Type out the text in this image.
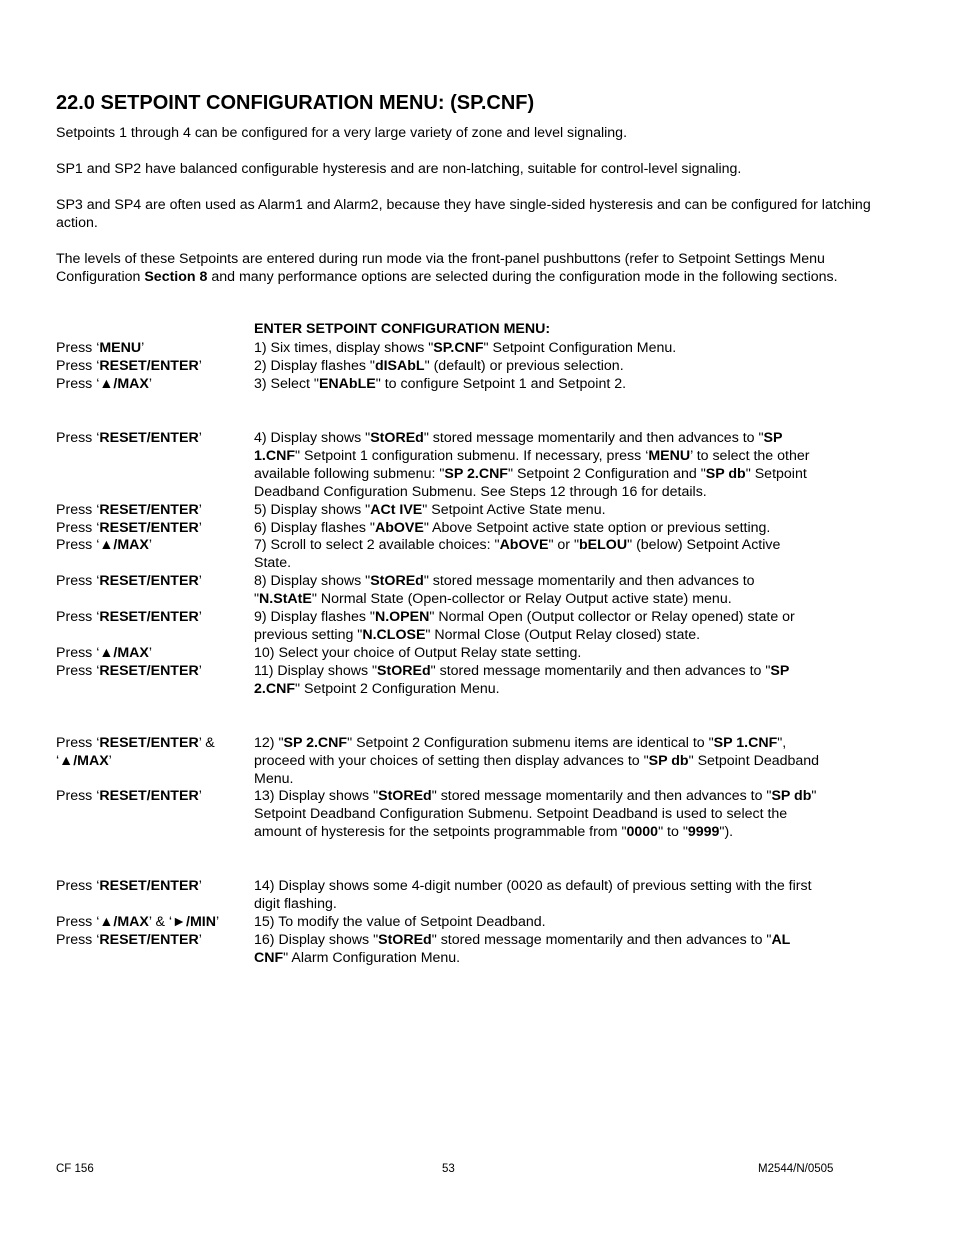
22.0 SETPOINT CONFIGURATION MENU: (SP.CNF)

Setpoints 1 through 4 can be configured for a very large variety of zone and level signaling.

SP1 and SP2 have balanced configurable hysteresis and are non-latching, suitable for control-level signaling.

SP3 and SP4 are often used as Alarm1 and Alarm2, because they have single-sided hysteresis and can be configured for latching action.

The levels of these Setpoints are entered during run mode via the front-panel pushbuttons (refer to Setpoint Settings Menu Configuration Section 8 and many performance options are selected during the configuration mode in the following sections.

ENTER SETPOINT CONFIGURATION MENU:

Press ‘MENU’

Press ‘RESET/ENTER’

Press ‘▲/MAX’

Press ‘RESET/ENTER’

Press ‘RESET/ENTER’

Press ‘RESET/ENTER’

Press ‘▲/MAX’

Press ‘RESET/ENTER’

Press ‘RESET/ENTER’

Press ‘▲/MAX’

Press ‘RESET/ENTER’

Press ‘RESET/ENTER’ &
‘▲/MAX’

Press ‘RESET/ENTER’

Press ‘RESET/ENTER’

Press ‘▲/MAX’ & ‘►/MIN’

Press ‘RESET/ENTER’

1) Six times, display shows "SP.CNF" Setpoint Configuration Menu.

2) Display flashes "dISAbL" (default) or previous selection.

3) Select "ENAbLE" to configure Setpoint 1 and Setpoint 2.

4) Display shows "StOREd" stored message momentarily and then advances to "SP
1.CNF" Setpoint 1 configuration submenu. If necessary, press ‘MENU’ to select the other
available following submenu: "SP 2.CNF" Setpoint 2 Configuration and "SP db" Setpoint
Deadband Configuration Submenu. See Steps 12 through 16 for details.

5) Display shows "ACt IVE" Setpoint Active State menu.

6) Display flashes "AbOVE" Above Setpoint active state option or previous setting.

7) Scroll to select 2 available choices: "AbOVE" or "bELOU" (below) Setpoint Active
State.

8) Display shows "StOREd" stored message momentarily and then advances to
"N.StAtE" Normal State (Open-collector or Relay Output active state) menu.

9) Display flashes "N.OPEN" Normal Open (Output collector or Relay opened) state or
previous setting "N.CLOSE" Normal Close (Output Relay closed) state.

10) Select your choice of Output Relay state setting.

11) Display shows "StOREd" stored message momentarily and then advances to "SP
2.CNF" Setpoint 2 Configuration Menu.

12) "SP 2.CNF" Setpoint 2 Configuration submenu items are identical to "SP 1.CNF",
proceed with your choices of setting then display advances to "SP db" Setpoint Deadband
Menu.

13) Display shows "StOREd" stored message momentarily and then advances to "SP db"
Setpoint Deadband Configuration Submenu. Setpoint Deadband is used to select the
amount of hysteresis for the setpoints programmable from "0000" to "9999").

14) Display shows some 4-digit number (0020 as default) of previous setting with the first
digit flashing.

15) To modify the value of Setpoint Deadband.

16) Display shows "StOREd" stored message momentarily and then advances to "AL
CNF" Alarm Configuration Menu.

CF 156	53	M2544/N/0505
